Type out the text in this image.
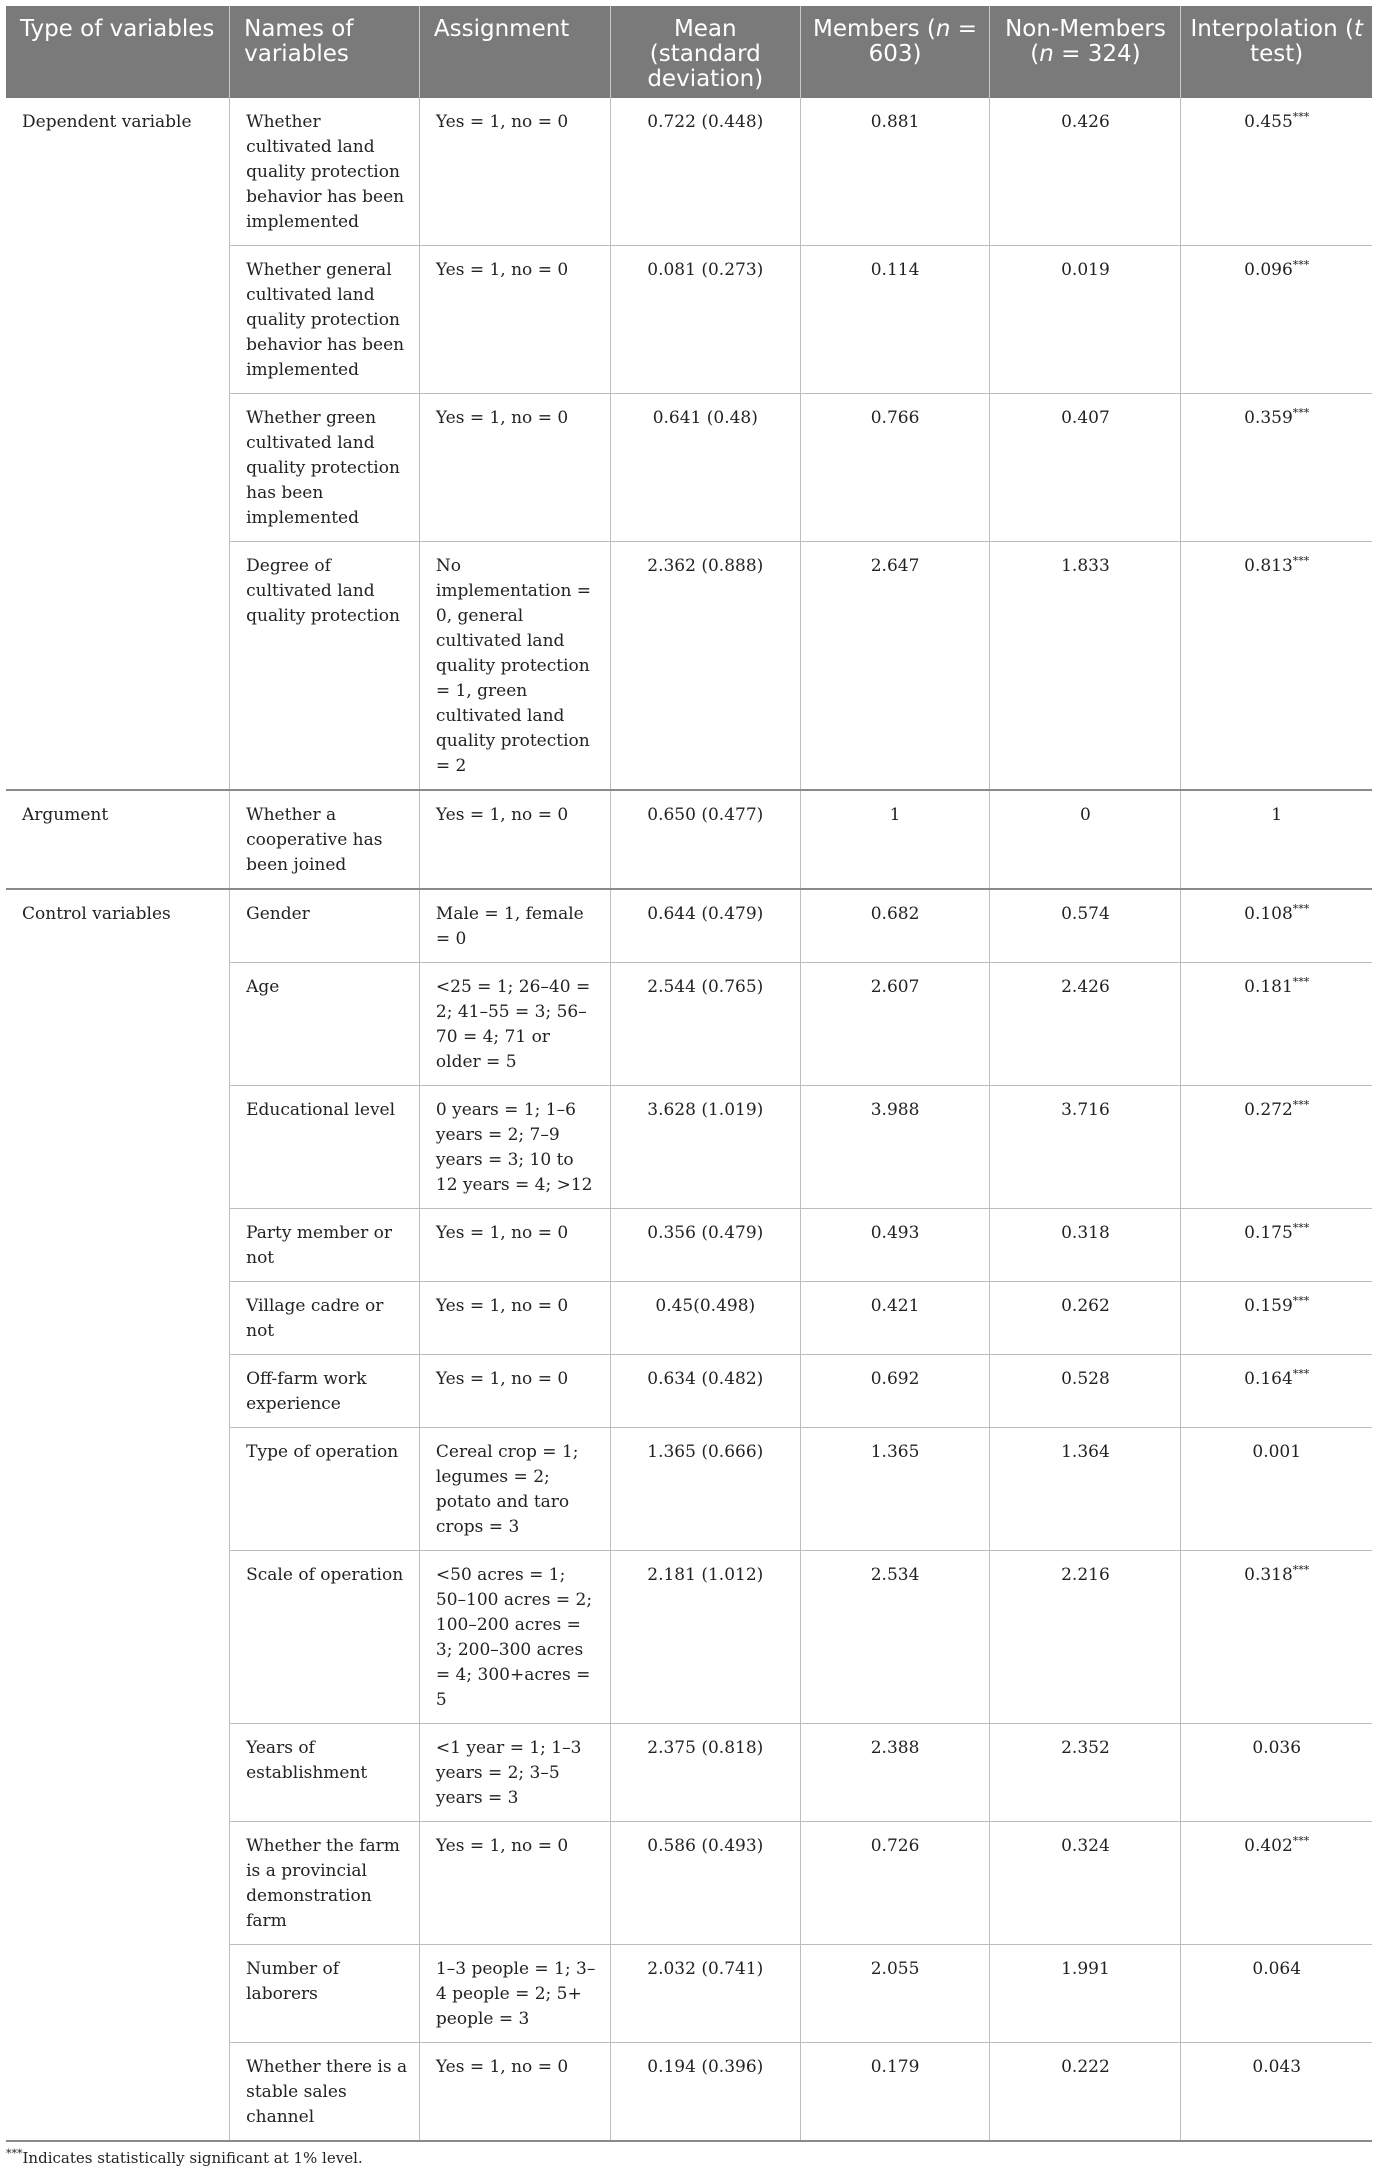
Type of variables	Names of variables	Assignment	Mean (standard deviation)	Members (n = 603)	Non-Members (n = 324)	Interpolation (t test)
Dependent variable	Whether cultivated land quality protection behavior has been implemented	Yes = 1, no = 0	0.722 (0.448)	0.881	0.426	0.455***
	Whether general cultivated land quality protection behavior has been implemented	Yes = 1, no = 0	0.081 (0.273)	0.114	0.019	0.096***
	Whether green cultivated land quality protection has been implemented	Yes = 1, no = 0	0.641 (0.48)	0.766	0.407	0.359***
	Degree of cultivated land quality protection	No implementation = 0, general cultivated land quality protection = 1, green cultivated land quality protection = 2	2.362 (0.888)	2.647	1.833	0.813***
Argument	Whether a cooperative has been joined	Yes = 1, no = 0	0.650 (0.477)	1	0	1
Control variables	Gender	Male = 1, female = 0	0.644 (0.479)	0.682	0.574	0.108***
	Age	<25 = 1; 26–40 = 2; 41–55 = 3; 56–70 = 4; 71 or older = 5	2.544 (0.765)	2.607	2.426	0.181***
	Educational level	0 years = 1; 1–6 years = 2; 7–9 years = 3; 10 to 12 years = 4; >12	3.628 (1.019)	3.988	3.716	0.272***
	Party member or not	Yes = 1, no = 0	0.356 (0.479)	0.493	0.318	0.175***
	Village cadre or not	Yes = 1, no = 0	0.45(0.498)	0.421	0.262	0.159***
	Off-farm work experience	Yes = 1, no = 0	0.634 (0.482)	0.692	0.528	0.164***
	Type of operation	Cereal crop = 1; legumes = 2; potato and taro crops = 3	1.365 (0.666)	1.365	1.364	0.001
	Scale of operation	<50 acres = 1; 50–100 acres = 2; 100–200 acres = 3; 200–300 acres = 4; 300+acres = 5	2.181 (1.012)	2.534	2.216	0.318***
	Years of establishment	<1 year = 1; 1–3 years = 2; 3–5 years = 3	2.375 (0.818)	2.388	2.352	0.036
	Whether the farm is a provincial demonstration farm	Yes = 1, no = 0	0.586 (0.493)	0.726	0.324	0.402***
	Number of laborers	1–3 people = 1; 3–4 people = 2; 5+ people = 3	2.032 (0.741)	2.055	1.991	0.064
	Whether there is a stable sales channel	Yes = 1, no = 0	0.194 (0.396)	0.179	0.222	0.043
***Indicates statistically significant at 1% level.
